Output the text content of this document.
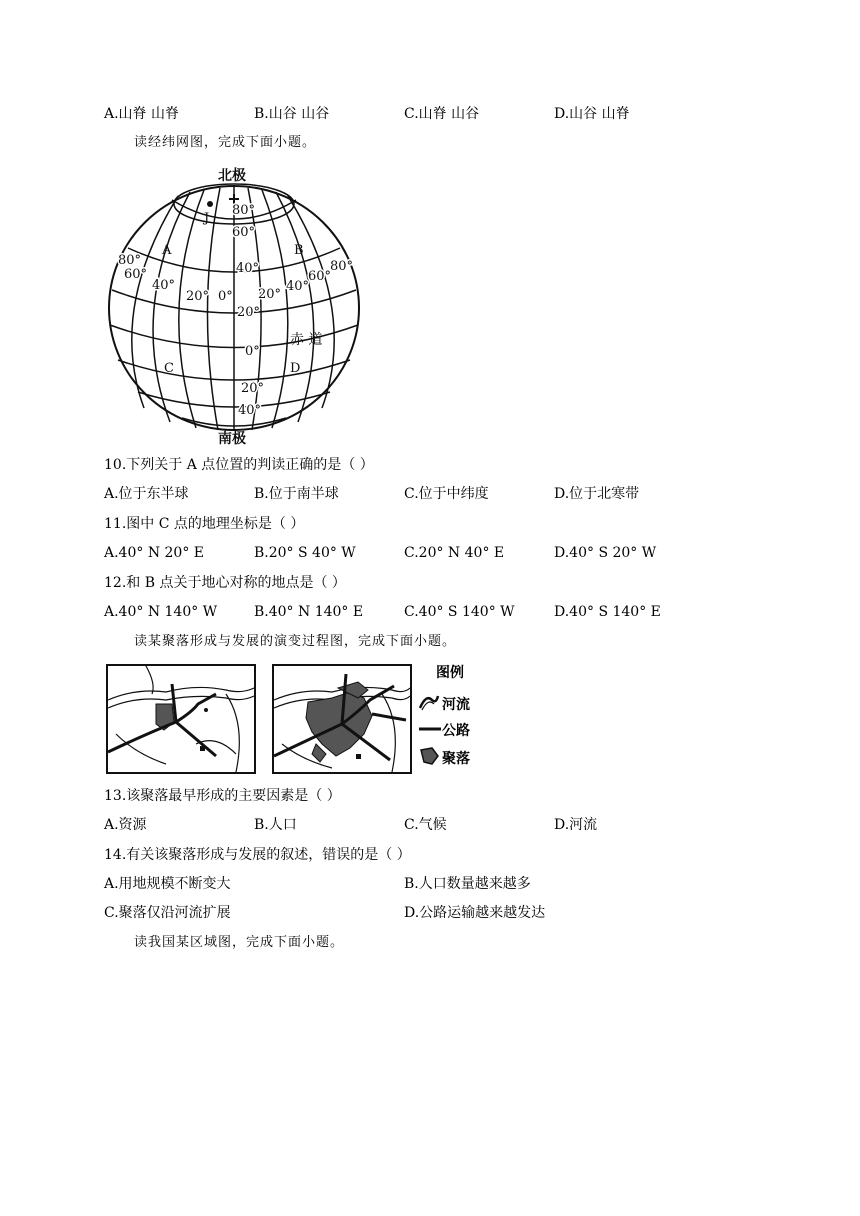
A.山脊 山脊	B.山谷 山谷	C.山脊 山谷	D.山谷 山脊
读经纬网图，完成下面小题。
北极
南极
赤 道
J
A	B
C	D
80°
60°
40°
20°
0°
20°
40°
80°
60°
40°
20° 0° 20°
40°
60°
80°
10.下列关于 A 点位置的判读正确的是（ ）
A.位于东半球	B.位于南半球	C.位于中纬度	D.位于北寒带
11.图中 C 点的地理坐标是（ ）
A.40° N 20° E	B.20° S 40° W	C.20° N 40° E	D.40° S 20° W
12.和 B 点关于地心对称的地点是（ ）
A.40° N 140° W	B.40° N 140° E	C.40° S 140° W	D.40° S 140° E
读某聚落形成与发展的演变过程图，完成下面小题。
图例
河流
公路
聚落
13.该聚落最早形成的主要因素是（ ）
A.资源	B.人口	C.气候	D.河流
14.有关该聚落形成与发展的叙述，错误的是（ ）
A.用地规模不断变大	B.人口数量越来越多
C.聚落仅沿河流扩展	D.公路运输越来越发达
读我国某区域图，完成下面小题。
